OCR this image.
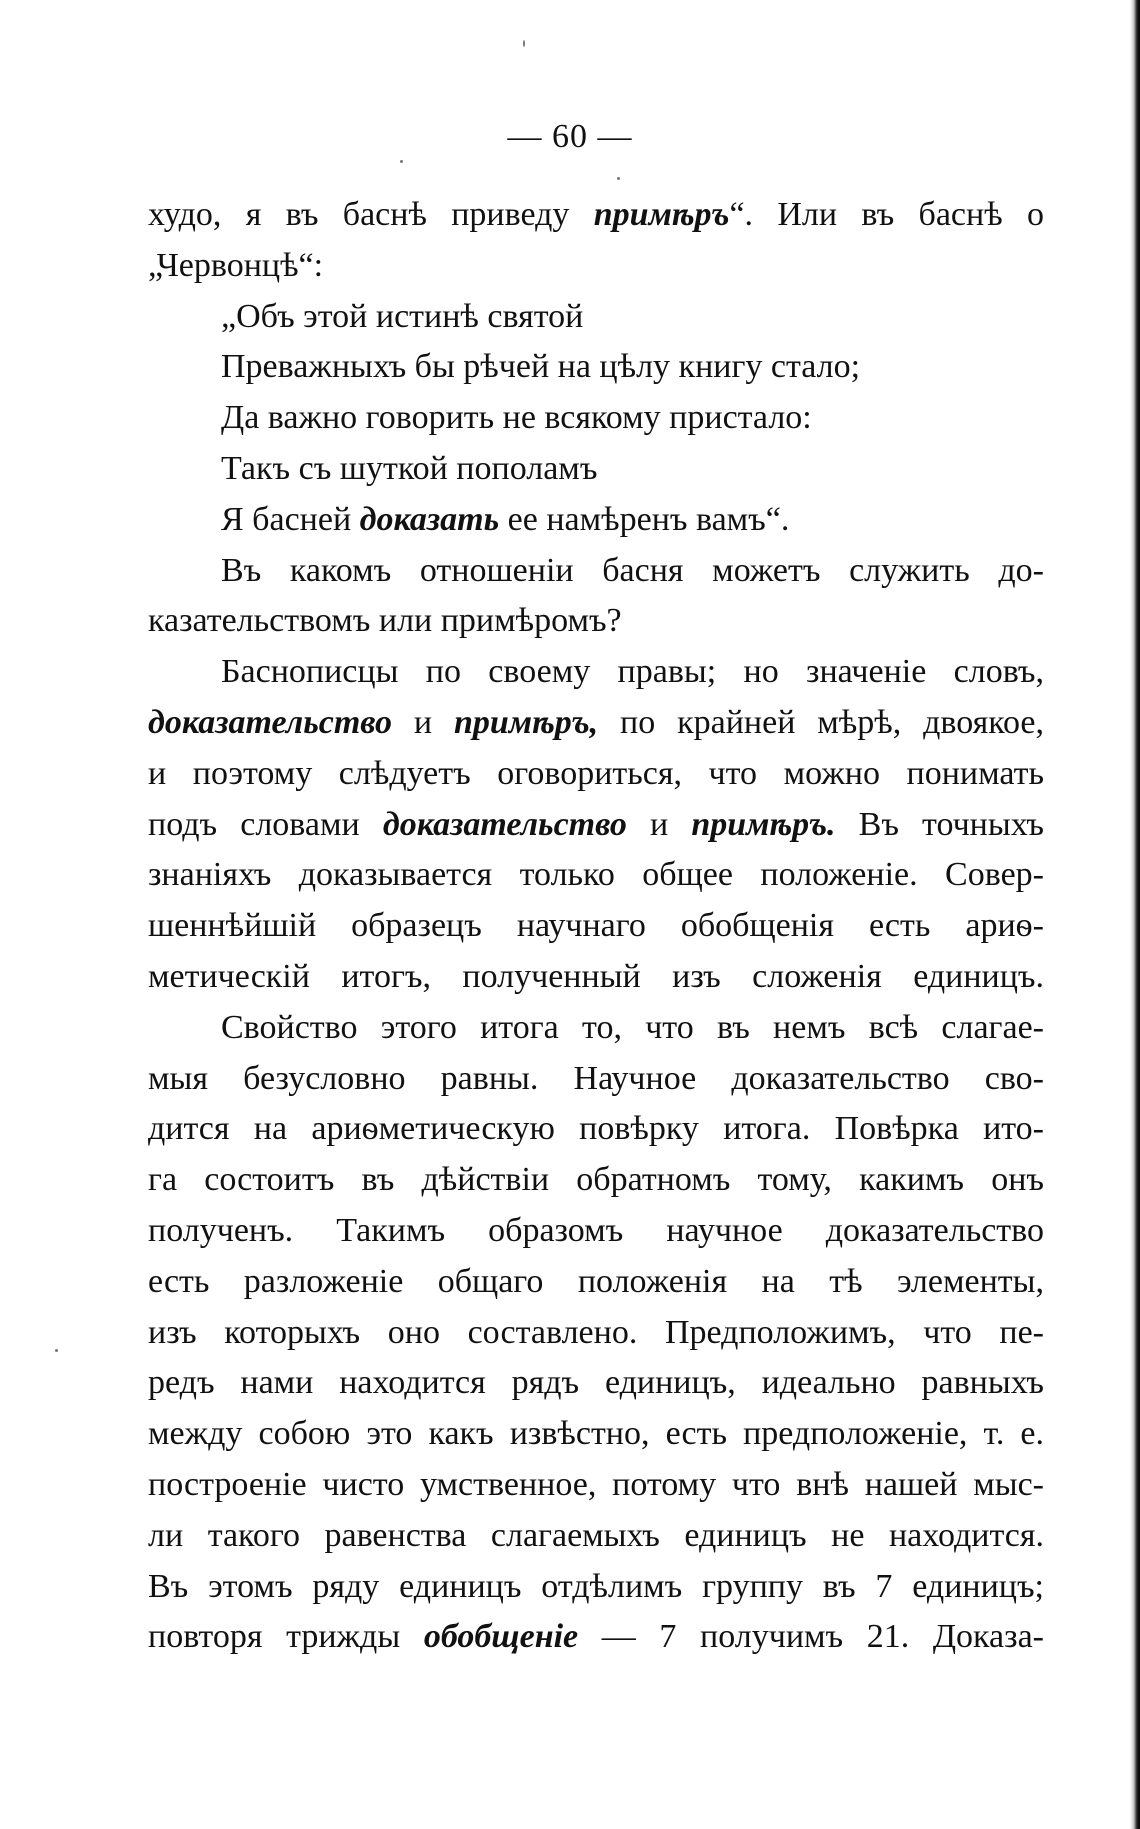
— 60 —
худо, я въ баснѣ приведу примѣръ“. Или въ баснѣ о
„Червонцѣ“:
„Объ этой истинѣ святой
Преважныхъ бы рѣчей на цѣлу книгу стало;
Да важно говорить не всякому пристало:
Такъ съ шуткой пополамъ
Я басней доказать ее намѣренъ вамъ“.
Въ какомъ отношеніи басня можетъ служить до-
казательствомъ или примѣромъ?
Баснописцы по своему правы; но значеніе словъ,
доказательство и примѣръ, по крайней мѣрѣ, двоякое,
и поэтому слѣдуетъ оговориться, что можно понимать
подъ словами доказательство и примѣръ. Въ точныхъ
знаніяхъ доказывается только общее положеніе. Совер-
шеннѣйшій образецъ научнаго обобщенія есть ариѳ-
метическій итогъ, полученный изъ сложенія единицъ.
Свойство этого итога то, что въ немъ всѣ слагае-
мыя безусловно равны. Научное доказательство сво-
дится на ариѳметическую повѣрку итога. Повѣрка ито-
га состоитъ въ дѣйствіи обратномъ тому, какимъ онъ
полученъ. Такимъ образомъ научное доказательство
есть разложеніе общаго положенія на тѣ элементы,
изъ которыхъ оно составлено. Предположимъ, что пе-
редъ нами находится рядъ единицъ, идеально равныхъ
между собою это какъ извѣстно, есть предположеніе, т. е.
построеніе чисто умственное, потому что внѣ нашей мыс-
ли такого равенства слагаемыхъ единицъ не находится.
Въ этомъ ряду единицъ отдѣлимъ группу въ 7 единицъ;
повторя трижды обобщеніе — 7 получимъ 21. Доказа-
